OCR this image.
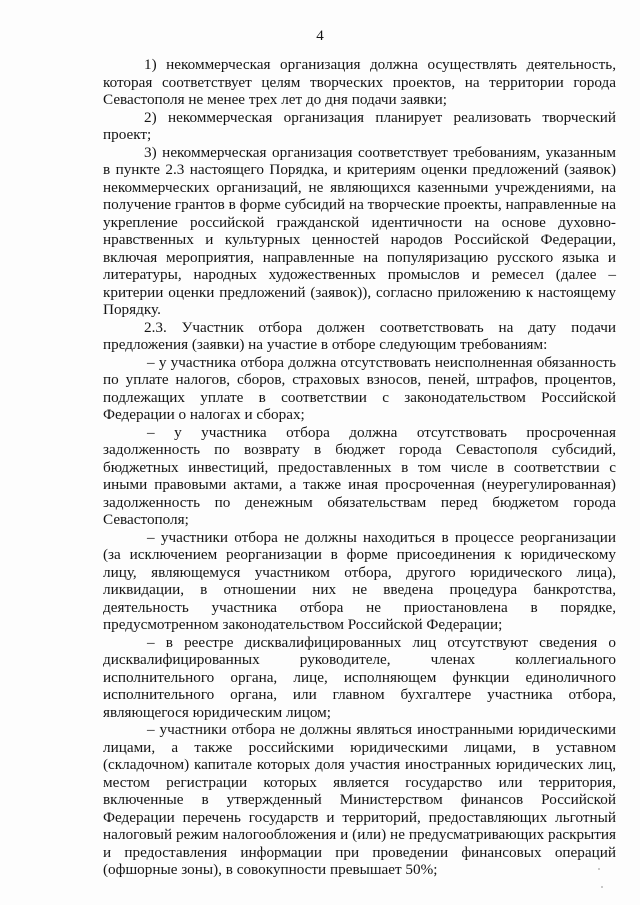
4

1) некоммерческая организация должна осуществлять деятельность, которая соответствует целям творческих проектов, на территории города Севастополя не менее трех лет до дня подачи заявки;

2) некоммерческая организация планирует реализовать творческий проект;

3) некоммерческая организация соответствует требованиям, указанным в пункте 2.3 настоящего Порядка, и критериям оценки предложений (заявок) некоммерческих организаций, не являющихся казенными учреждениями, на получение грантов в форме субсидий на творческие проекты, направленные на укрепление российской гражданской идентичности на основе духовно-нравственных и культурных ценностей народов Российской Федерации, включая мероприятия, направленные на популяризацию русского языка и литературы, народных художественных промыслов и ремесел (далее – критерии оценки предложений (заявок)), согласно приложению к настоящему Порядку.

2.3. Участник отбора должен соответствовать на дату подачи предложения (заявки) на участие в отборе следующим требованиям:

– у участника отбора должна отсутствовать неисполненная обязанность по уплате налогов, сборов, страховых взносов, пеней, штрафов, процентов, подлежащих уплате в соответствии с законодательством Российской Федерации о налогах и сборах;

– у участника отбора должна отсутствовать просроченная задолженность по возврату в бюджет города Севастополя субсидий, бюджетных инвестиций, предоставленных в том числе в соответствии с иными правовыми актами, а также иная просроченная (неурегулированная) задолженность по денежным обязательствам перед бюджетом города Севастополя;

– участники отбора не должны находиться в процессе реорганизации (за исключением реорганизации в форме присоединения к юридическому лицу, являющемуся участником отбора, другого юридического лица), ликвидации, в отношении них не введена процедура банкротства, деятельность участника отбора не приостановлена в порядке, предусмотренном законодательством Российской Федерации;

– в реестре дисквалифицированных лиц отсутствуют сведения о дисквалифицированных руководителе, членах коллегиального исполнительного органа, лице, исполняющем функции единоличного исполнительного органа, или главном бухгалтере участника отбора, являющегося юридическим лицом;

– участники отбора не должны являться иностранными юридическими лицами, а также российскими юридическими лицами, в уставном (складочном) капитале которых доля участия иностранных юридических лиц, местом регистрации которых является государство или территория, включенные в утвержденный Министерством финансов Российской Федерации перечень государств и территорий, предоставляющих льготный налоговый режим налогообложения и (или) не предусматривающих раскрытия и предоставления информации при проведении финансовых операций (офшорные зоны), в совокупности превышает 50%;
